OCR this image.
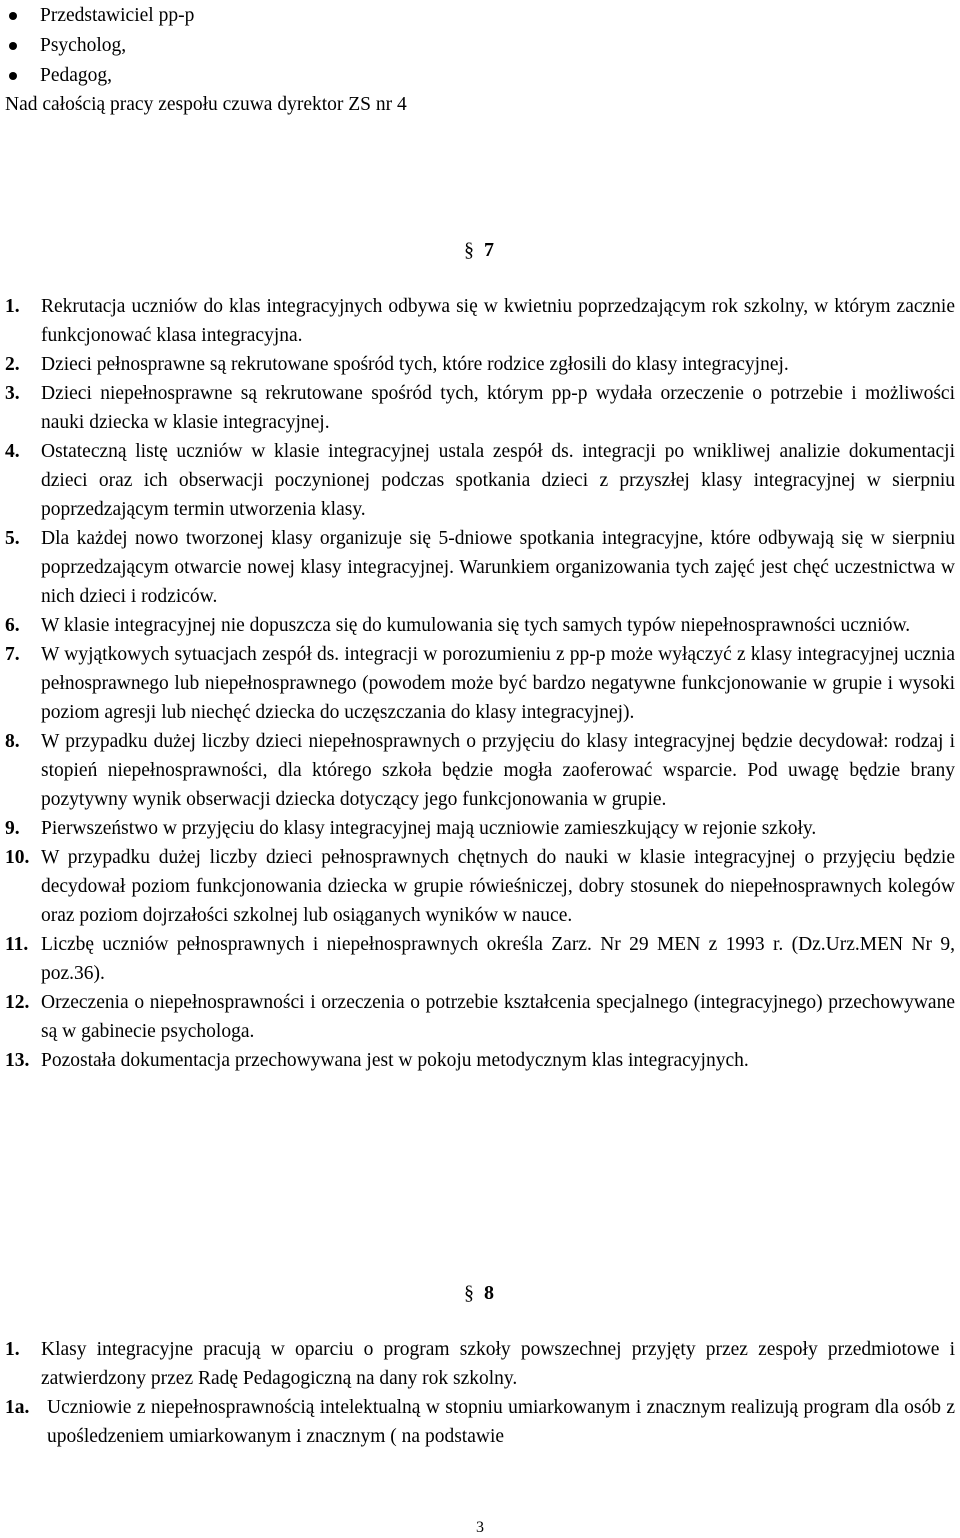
Przedstawiciel pp-p
Psycholog,
Pedagog,
Nad całością pracy zespołu czuwa dyrektor ZS nr 4
§ 7
1. Rekrutacja uczniów do klas integracyjnych odbywa się w kwietniu poprzedzającym rok szkolny, w którym zacznie funkcjonować klasa integracyjna.
2. Dzieci pełnosprawne są rekrutowane spośród tych, które rodzice zgłosili do klasy integracyjnej.
3. Dzieci niepełnosprawne są rekrutowane spośród tych, którym pp-p wydała orzeczenie o potrzebie i możliwości nauki dziecka w klasie integracyjnej.
4. Ostateczną listę uczniów w klasie integracyjnej ustala zespół ds. integracji po wnikliwej analizie dokumentacji dzieci oraz ich obserwacji poczynionej podczas spotkania dzieci z przyszłej klasy integracyjnej w sierpniu poprzedzającym termin utworzenia klasy.
5. Dla każdej nowo tworzonej klasy organizuje się 5-dniowe spotkania integracyjne, które odbywają się w sierpniu poprzedzającym otwarcie nowej klasy integracyjnej. Warunkiem organizowania tych zajęć jest chęć uczestnictwa w nich dzieci i rodziców.
6. W klasie integracyjnej nie dopuszcza się do kumulowania się tych samych typów niepełnosprawności uczniów.
7. W wyjątkowych sytuacjach zespół ds. integracji w porozumieniu z pp-p może wyłączyć z klasy integracyjnej ucznia pełnosprawnego lub niepełnosprawnego (powodem może być bardzo negatywne funkcjonowanie w grupie i wysoki poziom agresji lub niechęć dziecka do uczęszczania do klasy integracyjnej).
8. W przypadku dużej liczby dzieci niepełnosprawnych o przyjęciu do klasy integracyjnej będzie decydował: rodzaj i stopień niepełnosprawności, dla którego szkoła będzie mogła zaoferować wsparcie. Pod uwagę będzie brany pozytywny wynik obserwacji dziecka dotyczący jego funkcjonowania w grupie.
9. Pierwszeństwo w przyjęciu do klasy integracyjnej mają uczniowie zamieszkujący w rejonie szkoły.
10. W przypadku dużej liczby dzieci pełnosprawnych chętnych do nauki w klasie integracyjnej o przyjęciu będzie decydował poziom funkcjonowania dziecka w grupie rówieśniczej, dobry stosunek do niepełnosprawnych kolegów oraz poziom dojrzałości szkolnej lub osiąganych wyników w nauce.
11. Liczbę uczniów pełnosprawnych i niepełnosprawnych określa Zarz. Nr 29 MEN z 1993 r. (Dz.Urz.MEN Nr 9, poz.36).
12. Orzeczenia o niepełnosprawności i orzeczenia o potrzebie kształcenia specjalnego (integracyjnego) przechowywane są w gabinecie psychologa.
13. Pozostała dokumentacja przechowywana jest w pokoju metodycznym klas integracyjnych.
§ 8
1. Klasy integracyjne pracują w oparciu o program szkoły powszechnej przyjęty przez zespoły przedmiotowe i zatwierdzony przez Radę Pedagogiczną na dany rok szkolny.
1a. Uczniowie z niepełnosprawnością intelektualną w stopniu umiarkowanym i znacznym realizują program dla osób z upośledzeniem umiarkowanym i znacznym ( na podstawie
3
